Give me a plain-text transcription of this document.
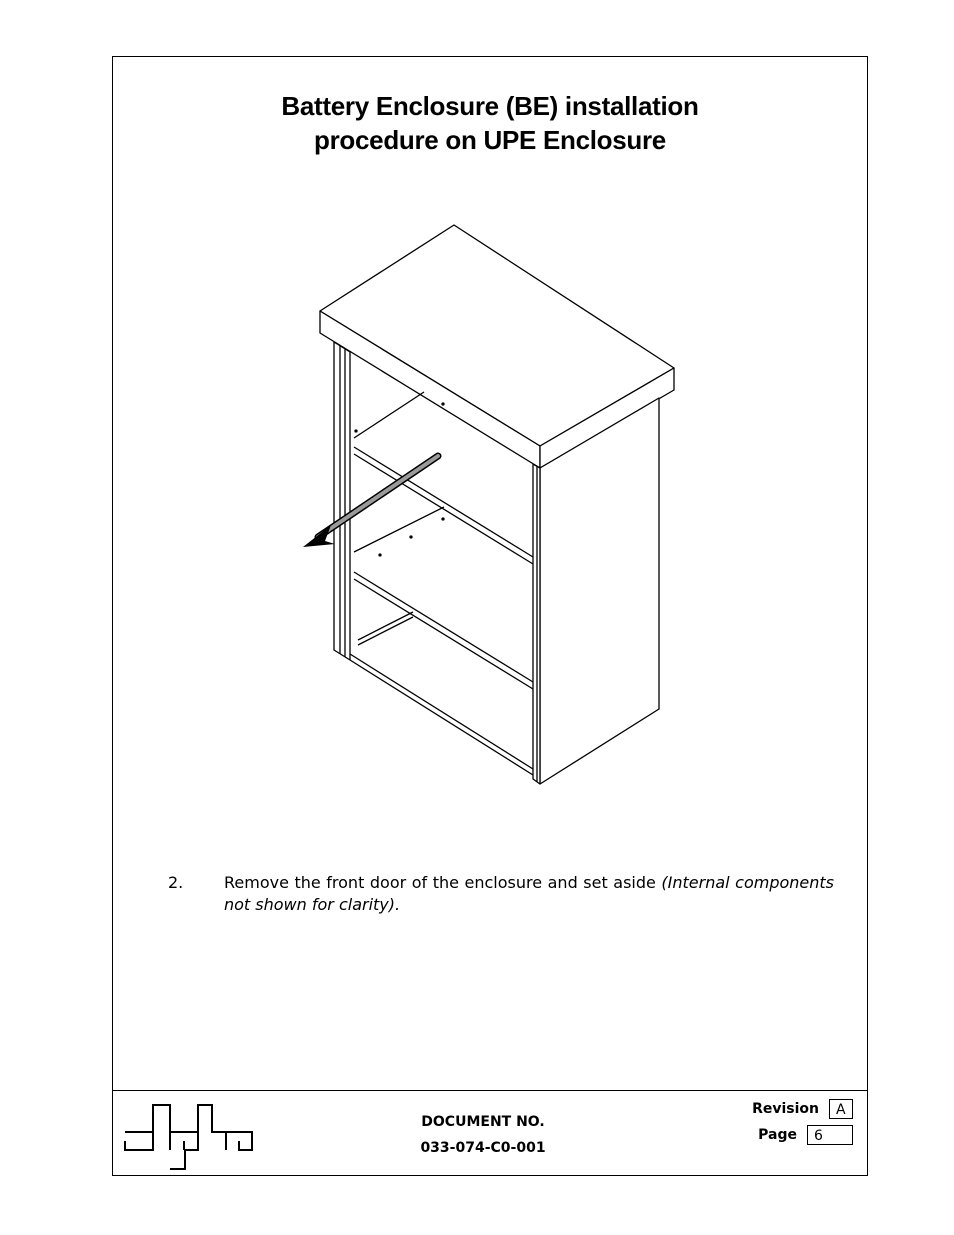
Battery Enclosure (BE) installation
procedure on UPE Enclosure
2.	Remove the front door of the enclosure and set aside (Internal components not shown for clarity).
DOCUMENT NO.
033-074-C0-001
Revision	A
Page	6
